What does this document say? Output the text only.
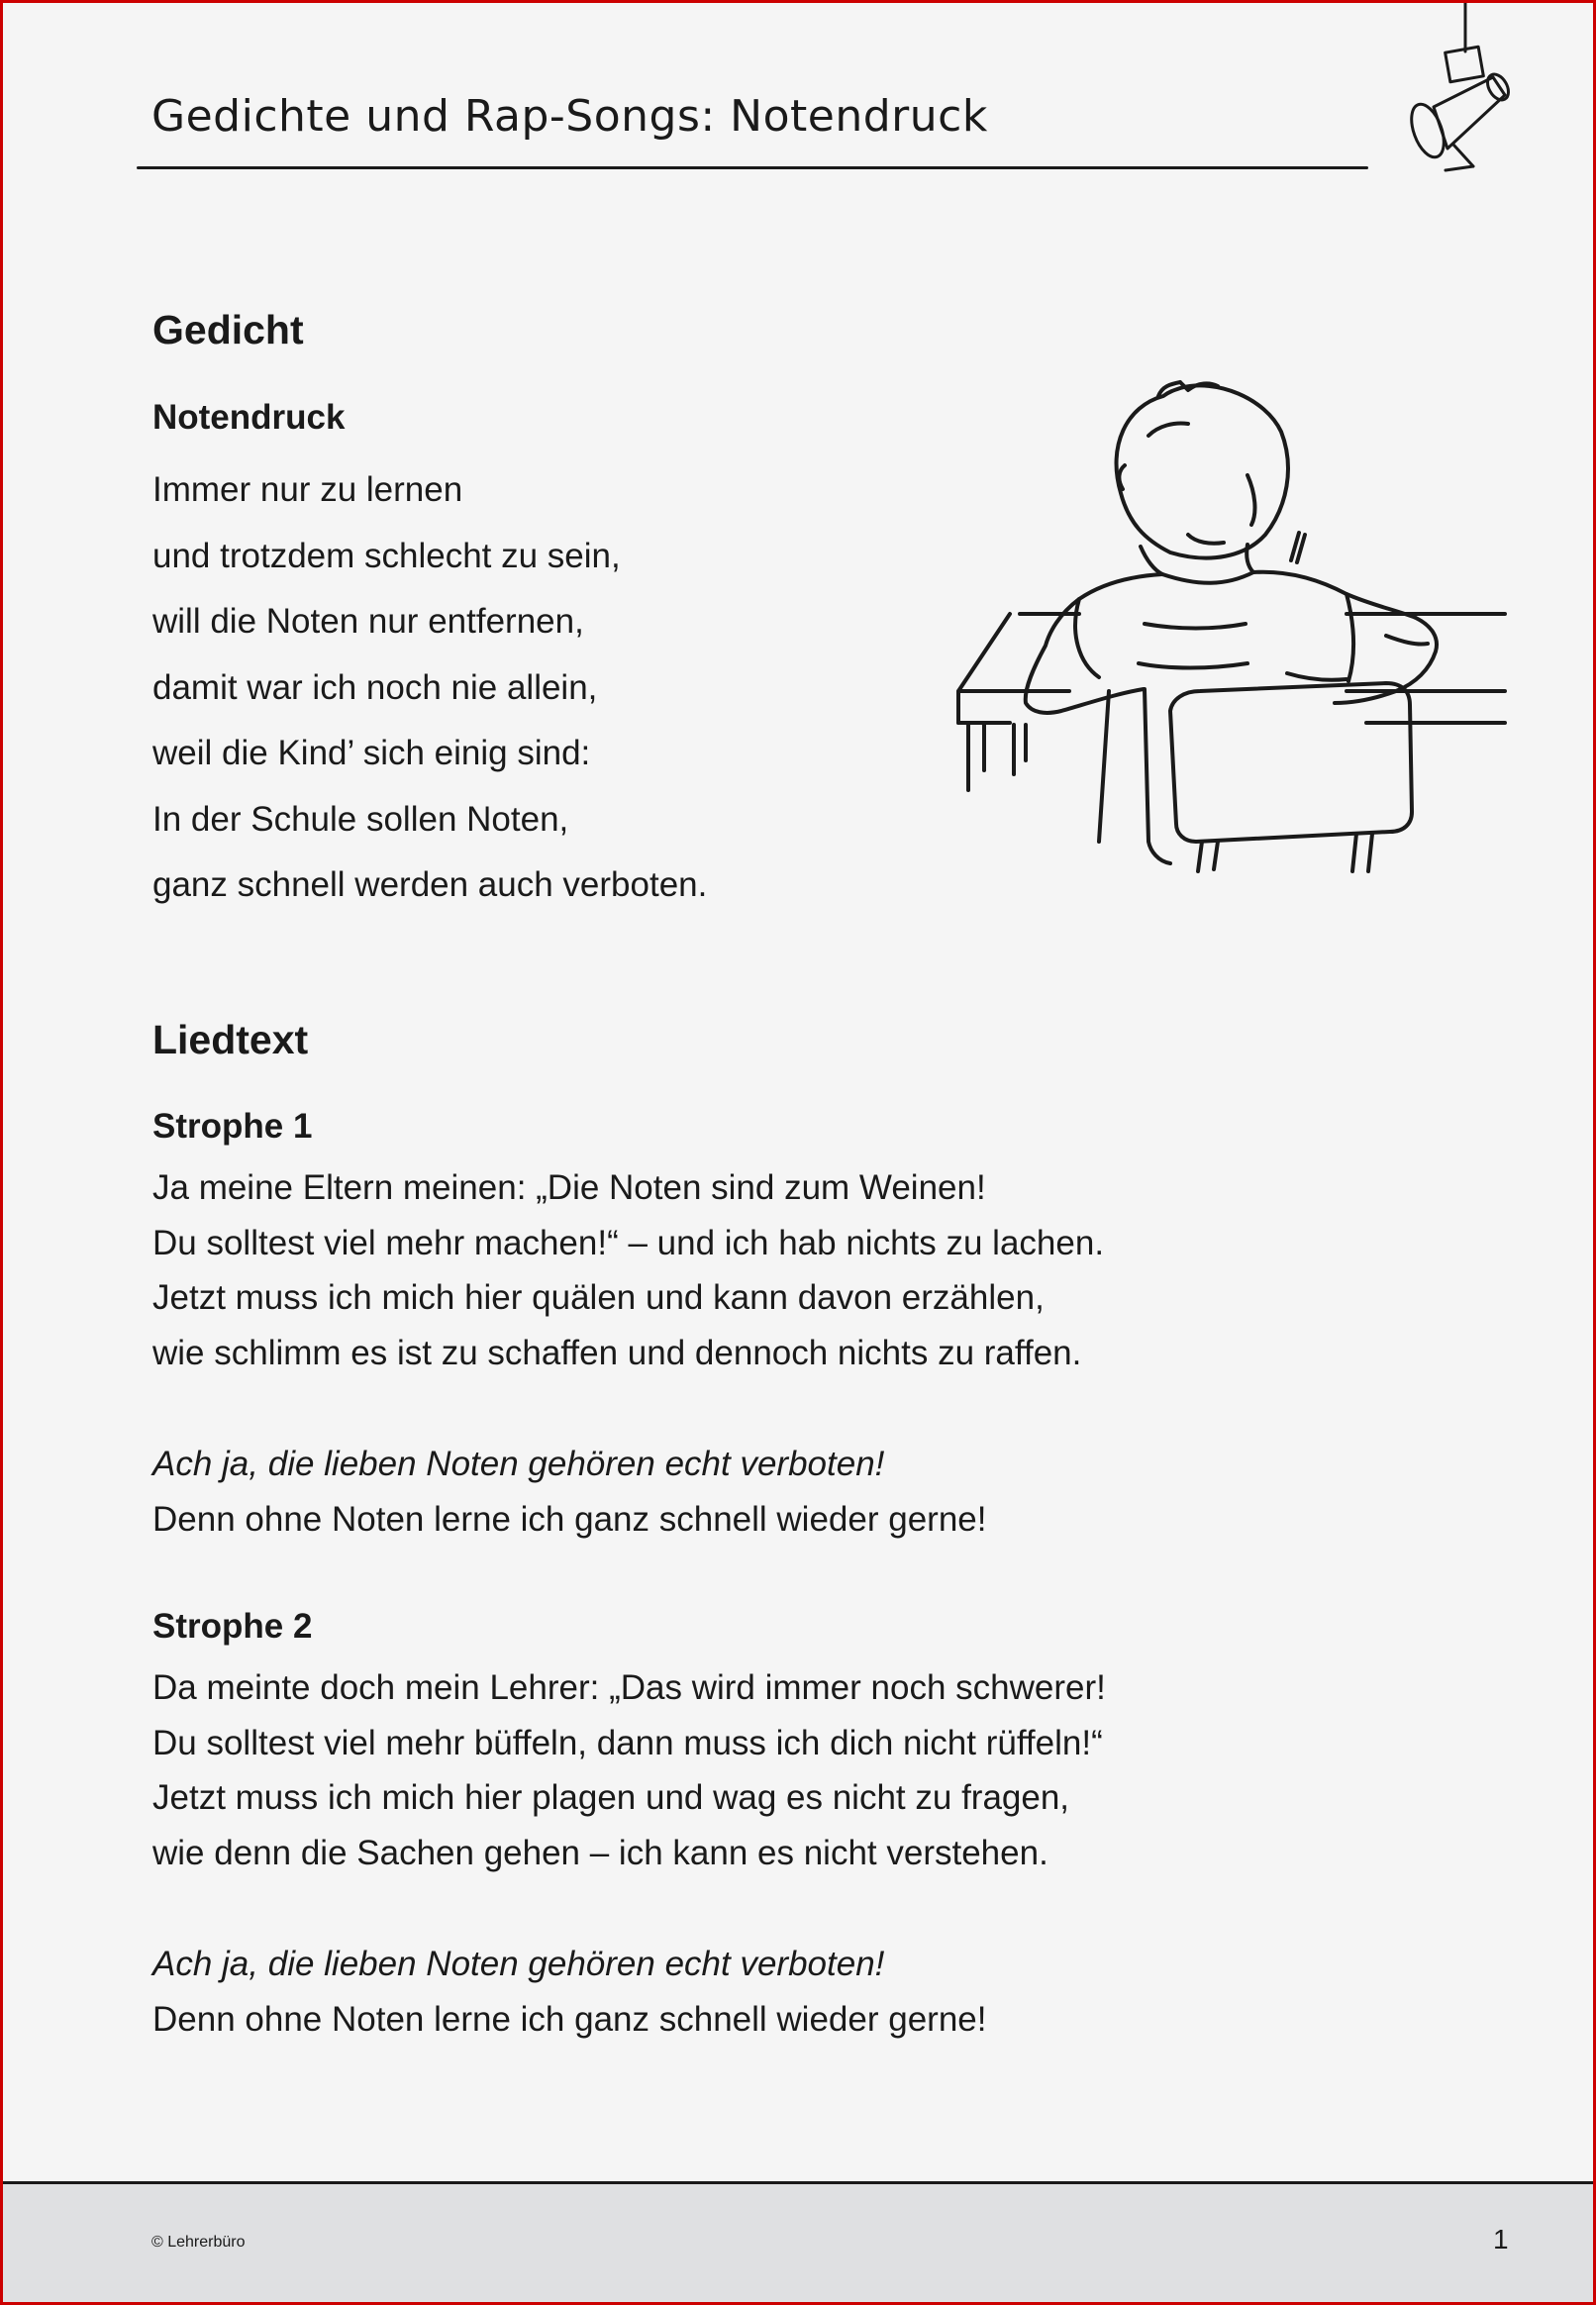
Gedichte und Rap-Songs: Notendruck
Gedicht
Notendruck
Immer nur zu lernen
und trotzdem schlecht zu sein,
will die Noten nur entfernen,
damit war ich noch nie allein,
weil die Kind’ sich einig sind:
In der Schule sollen Noten,
ganz schnell werden auch verboten.
Liedtext
Strophe 1
Ja meine Eltern meinen: „Die Noten sind zum Weinen!
Du solltest viel mehr machen!“ – und ich hab nichts zu lachen.
Jetzt muss ich mich hier quälen und kann davon erzählen,
wie schlimm es ist zu schaffen und dennoch nichts zu raffen.
Ach ja, die lieben Noten gehören echt verboten!
Denn ohne Noten lerne ich ganz schnell wieder gerne!
Strophe 2
Da meinte doch mein Lehrer: „Das wird immer noch schwerer!
Du solltest viel mehr büffeln, dann muss ich dich nicht rüffeln!“
Jetzt muss ich mich hier plagen und wag es nicht zu fragen,
wie denn die Sachen gehen – ich kann es nicht verstehen.
Ach ja, die lieben Noten gehören echt verboten!
Denn ohne Noten lerne ich ganz schnell wieder gerne!
© Lehrerbüro	1
